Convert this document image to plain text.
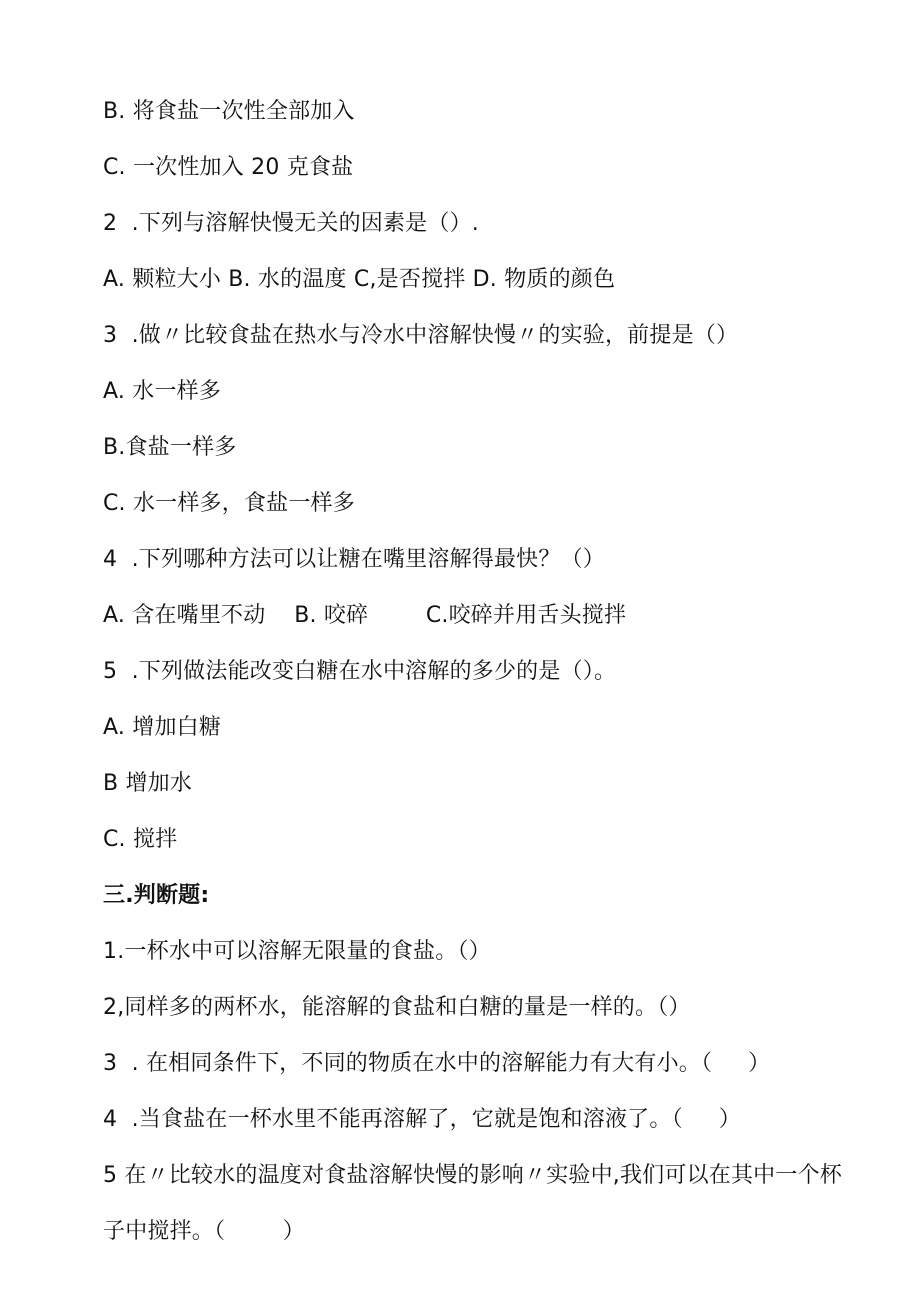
B. 将食盐一次性全部加入
C. 一次性加入 20 克食盐
2  .下列与溶解快慢无关的因素是（）.
A. 颗粒大小 B. 水的温度 C,是否搅拌 D. 物质的颜色
3  .做〃比较食盐在热水与冷水中溶解快慢〃的实验，前提是（）
A. 水一样多
B.食盐一样多
C. 水一样多，食盐一样多
4  .下列哪种方法可以让糖在嘴里溶解得最快？（）
A. 含在嘴里不动    B. 咬碎        C.咬碎并用舌头搅拌
5  .下列做法能改变白糖在水中溶解的多少的是（）。
A. 增加白糖
B 增加水
C. 搅拌
三.判断题:
1.一杯水中可以溶解无限量的食盐。（）
2,同样多的两杯水，能溶解的食盐和白糖的量是一样的。（）
3  . 在相同条件下，不同的物质在水中的溶解能力有大有小。（     ）
4  .当食盐在一杯水里不能再溶解了，它就是饱和溶液了。（     ）
5 在〃比较水的温度对食盐溶解快慢的影响〃实验中,我们可以在其中一个杯
子中搅拌。（        ）
